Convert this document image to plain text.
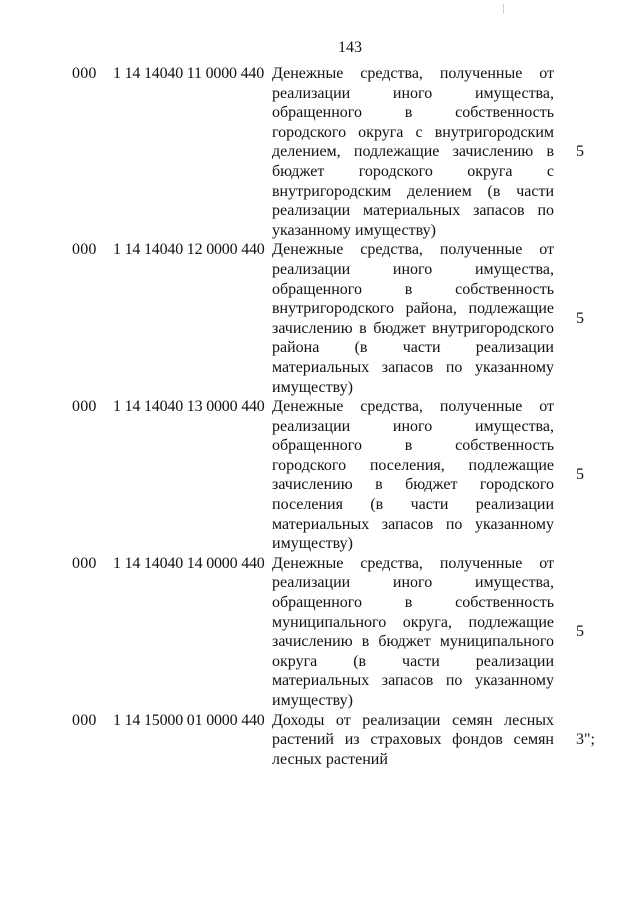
143
000 1 14 14040 11 0000 440 Денежные средства, полученные от реализации иного имущества, обращенного в собственность городского округа с внутригородским делением, подлежащие зачислению в бюджет городского округа с внутригородским делением (в части реализации материальных запасов по указанному имуществу)
5
000 1 14 14040 12 0000 440 Денежные средства, полученные от реализации иного имущества, обращенного в собственность внутригородского района, подлежащие зачислению в бюджет внутригородского района (в части реализации материальных запасов по указанному имуществу)
5
000 1 14 14040 13 0000 440 Денежные средства, полученные от реализации иного имущества, обращенного в собственность городского поселения, подлежащие зачислению в бюджет городского поселения (в части реализации материальных запасов по указанному имуществу)
5
000 1 14 14040 14 0000 440 Денежные средства, полученные от реализации иного имущества, обращенного в собственность муниципального округа, подлежащие зачислению в бюджет муниципального округа (в части реализации материальных запасов по указанному имуществу)
5
000 1 14 15000 01 0000 440 Доходы от реализации семян лесных растений из страховых фондов семян лесных растений
3";
